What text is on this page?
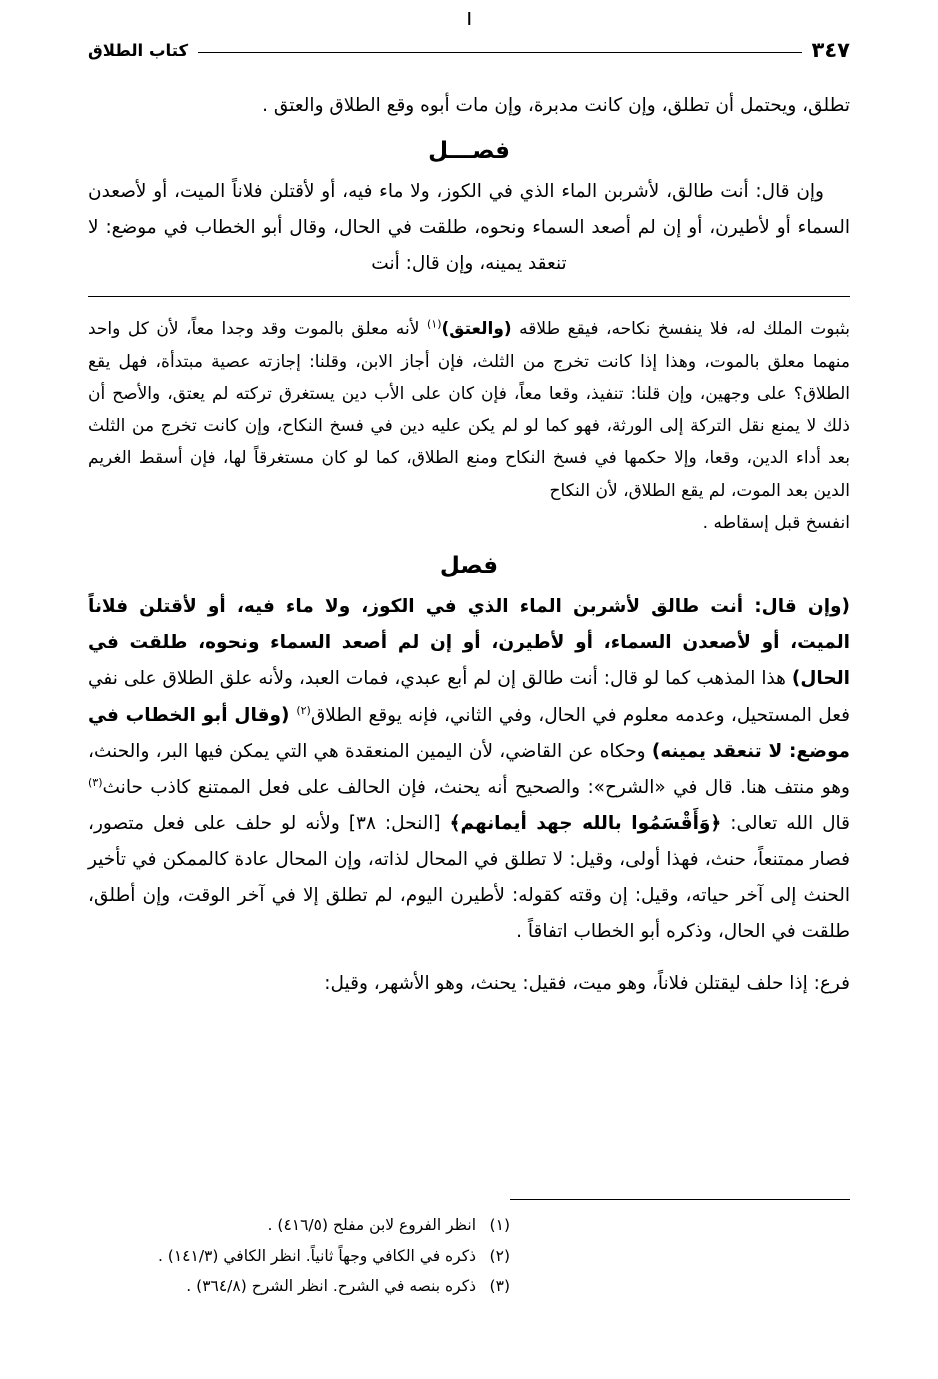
٣٤٧
كتاب الطلاق

تطلق، ويحتمل أن تطلق، وإن كانت مدبرة، وإن مات أبوه وقع الطلاق والعتق .

فصـــل

وإن قال: أنت طالق، لأشربن الماء الذي في الكوز، ولا ماء فيه، أو لأقتلن فلاناً الميت، أو لأصعدن السماء أو لأطيرن، أو إن لم أصعد السماء ونحوه، طلقت في الحال، وقال أبو الخطاب في موضع: لا تنعقد يمينه، وإن قال: أنت

بثبوت الملك له، فلا ينفسخ نكاحه، فيقع طلاقه (والعتق)$^{(١)}$ لأنه معلق بالموت وقد وجدا معاً، لأن كل واحد منهما معلق بالموت، وهذا إذا كانت تخرج من الثلث، فإن أجاز الابن، وقلنا: إجازته عصية مبتدأة، فهل يقع الطلاق؟ على وجهين، وإن قلنا: تنفيذ، وقعا معاً، فإن كان على الأب دين يستغرق تركته لم يعتق، والأصح أن ذلك لا يمنع نقل التركة إلى الورثة، فهو كما لو لم يكن عليه دين في فسخ النكاح، وإن كانت تخرج من الثلث بعد أداء الدين، وقعا، وإلا حكمها في فسخ النكاح ومنع الطلاق، كما لو كان مستغرقاً لها، فإن أسقط الغريم الدين بعد الموت، لم يقع الطلاق، لأن النكاح
انفسخ قبل إسقاطه .
فصل

(وإن قال: أنت طالق لأشربن الماء الذي في الكوز، ولا ماء فيه، أو لأقتلن فلاناً الميت، أو لأصعدن السماء، أو لأطيرن، أو إن لم أصعد السماء ونحوه، طلقت في الحال) هذا المذهب كما لو قال: أنت طالق إن لم أبع عبدي، فمات العبد، ولأنه علق الطلاق على نفي فعل المستحيل، وعدمه معلوم في الحال، وفي الثاني، فإنه يوقع الطلاق$^{(٢)}$ (وقال أبو الخطاب في موضع: لا تنعقد يمينه) وحكاه عن القاضي، لأن اليمين المنعقدة هي التي يمكن فيها البر، والحنث، وهو منتف هنا. قال في «الشرح»: والصحيح أنه يحنث، فإن الحالف على فعل الممتنع كاذب حانث$^{(٣)}$ قال الله تعالى: ﴿وَأَقْسَمُوا بالله جهد أيمانهم﴾ [النحل: ٣٨] ولأنه لو حلف على فعل متصور، فصار ممتنعاً، حنث، فهذا أولى، وقيل: لا تطلق في المحال لذاته، وإن المحال عادة كالممكن في تأخير الحنث إلى آخر حياته، وقيل: إن وقته كقوله: لأطيرن اليوم، لم تطلق إلا في آخر الوقت، وإن أطلق، طلقت في الحال، وذكره أبو الخطاب اتفاقاً .

فرع: إذا حلف ليقتلن فلاناً، وهو ميت، فقيل: يحنث، وهو الأشهر، وقيل:

(١)انظر الفروع لابن مفلح (٤١٦/٥) .
(٢)ذكره في الكافي وجهاً ثانياً. انظر الكافي (١٤١/٣) .
(٣)ذكره بنصه في الشرح. انظر الشرح (٣٦٤/٨) .
